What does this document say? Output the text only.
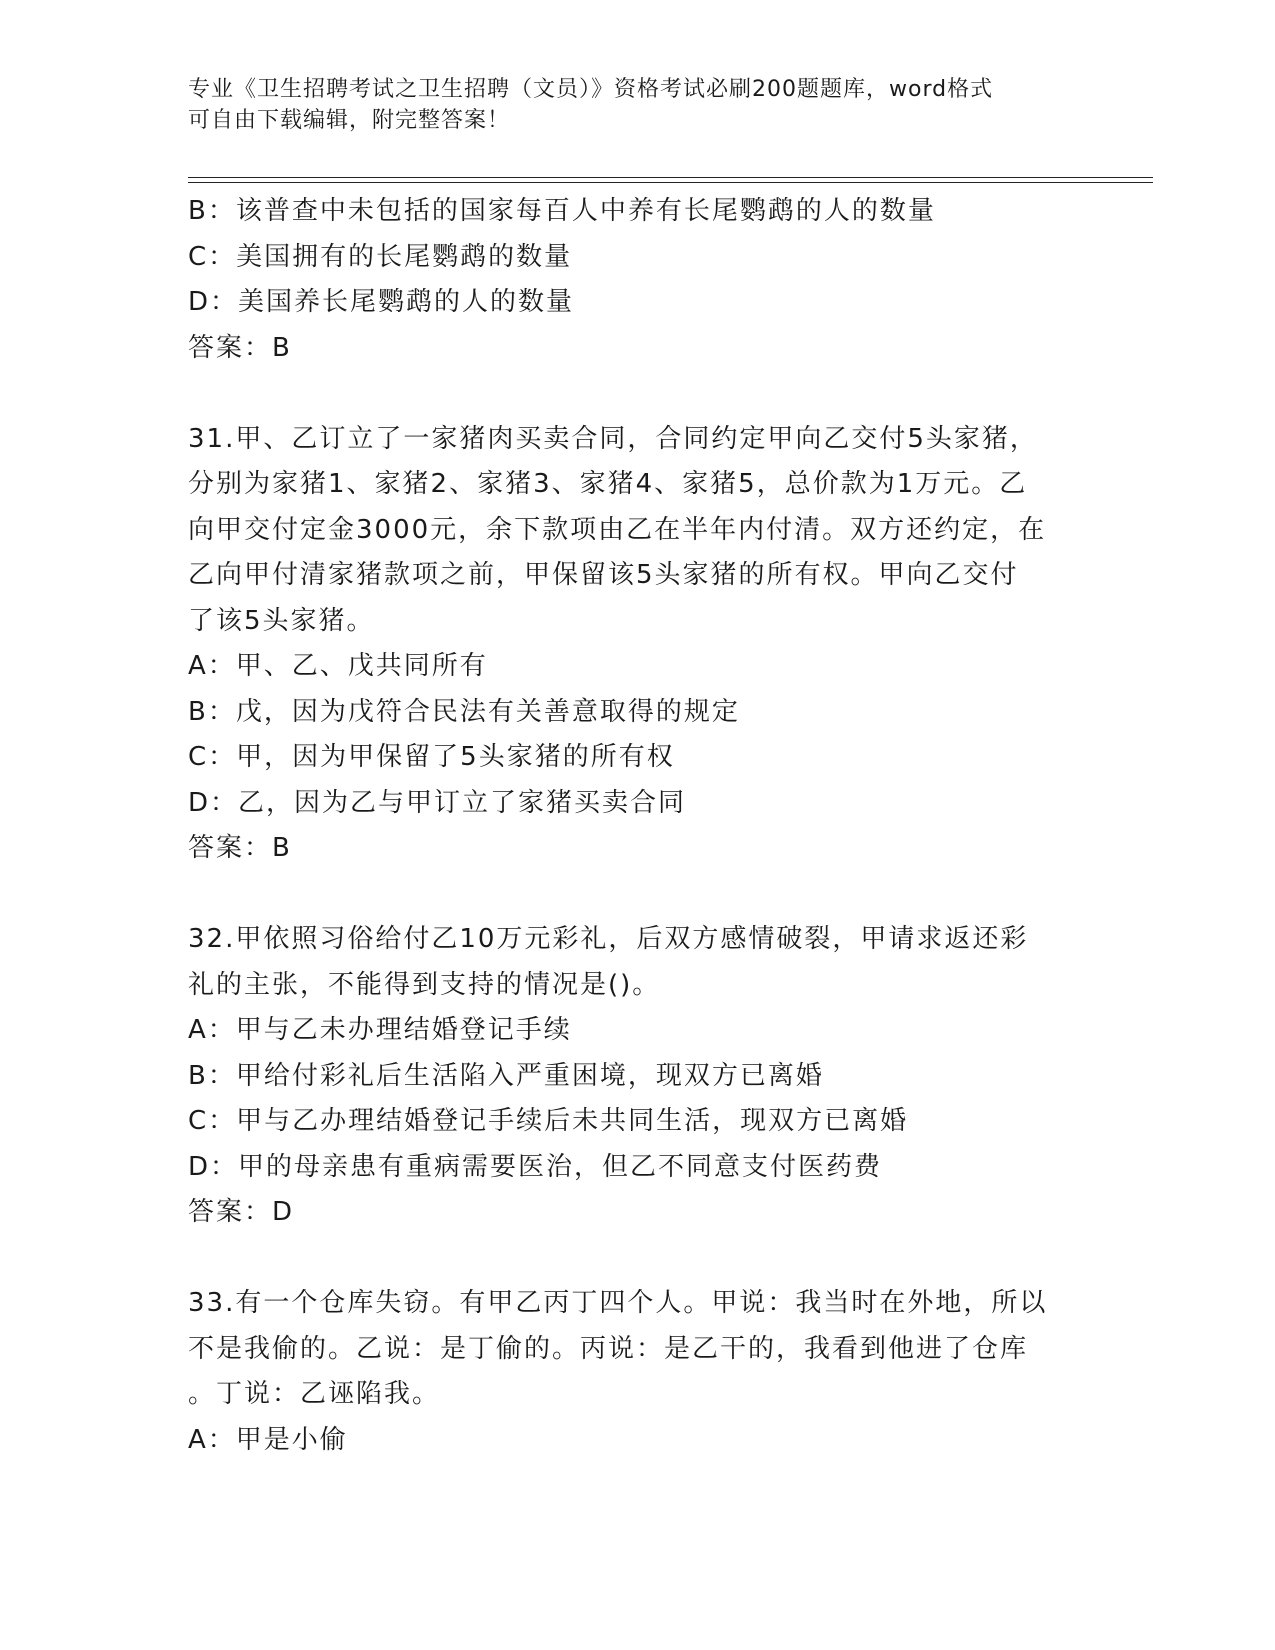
专业《卫生招聘考试之卫生招聘（文员）》资格考试必刷200题题库，word格式
可自由下载编辑，附完整答案！
B：该普查中未包括的国家每百人中养有长尾鹦鹉的人的数量
C：美国拥有的长尾鹦鹉的数量
D：美国养长尾鹦鹉的人的数量
答案：B
31.甲、乙订立了一家猪肉买卖合同，合同约定甲向乙交付5头家猪，
分别为家猪1、家猪2、家猪3、家猪4、家猪5，总价款为1万元。乙
向甲交付定金3000元，余下款项由乙在半年内付清。双方还约定，在
乙向甲付清家猪款项之前，甲保留该5头家猪的所有权。甲向乙交付
了该5头家猪。
A：甲、乙、戊共同所有
B：戊，因为戊符合民法有关善意取得的规定
C：甲，因为甲保留了5头家猪的所有权
D：乙，因为乙与甲订立了家猪买卖合同
答案：B
32.甲依照习俗给付乙10万元彩礼，后双方感情破裂，甲请求返还彩
礼的主张，不能得到支持的情况是()。
A：甲与乙未办理结婚登记手续
B：甲给付彩礼后生活陷入严重困境，现双方已离婚
C：甲与乙办理结婚登记手续后未共同生活，现双方已离婚
D：甲的母亲患有重病需要医治，但乙不同意支付医药费
答案：D
33.有一个仓库失窃。有甲乙丙丁四个人。甲说：我当时在外地，所以
不是我偷的。乙说：是丁偷的。丙说：是乙干的，我看到他进了仓库
。丁说：乙诬陷我。
A：甲是小偷
